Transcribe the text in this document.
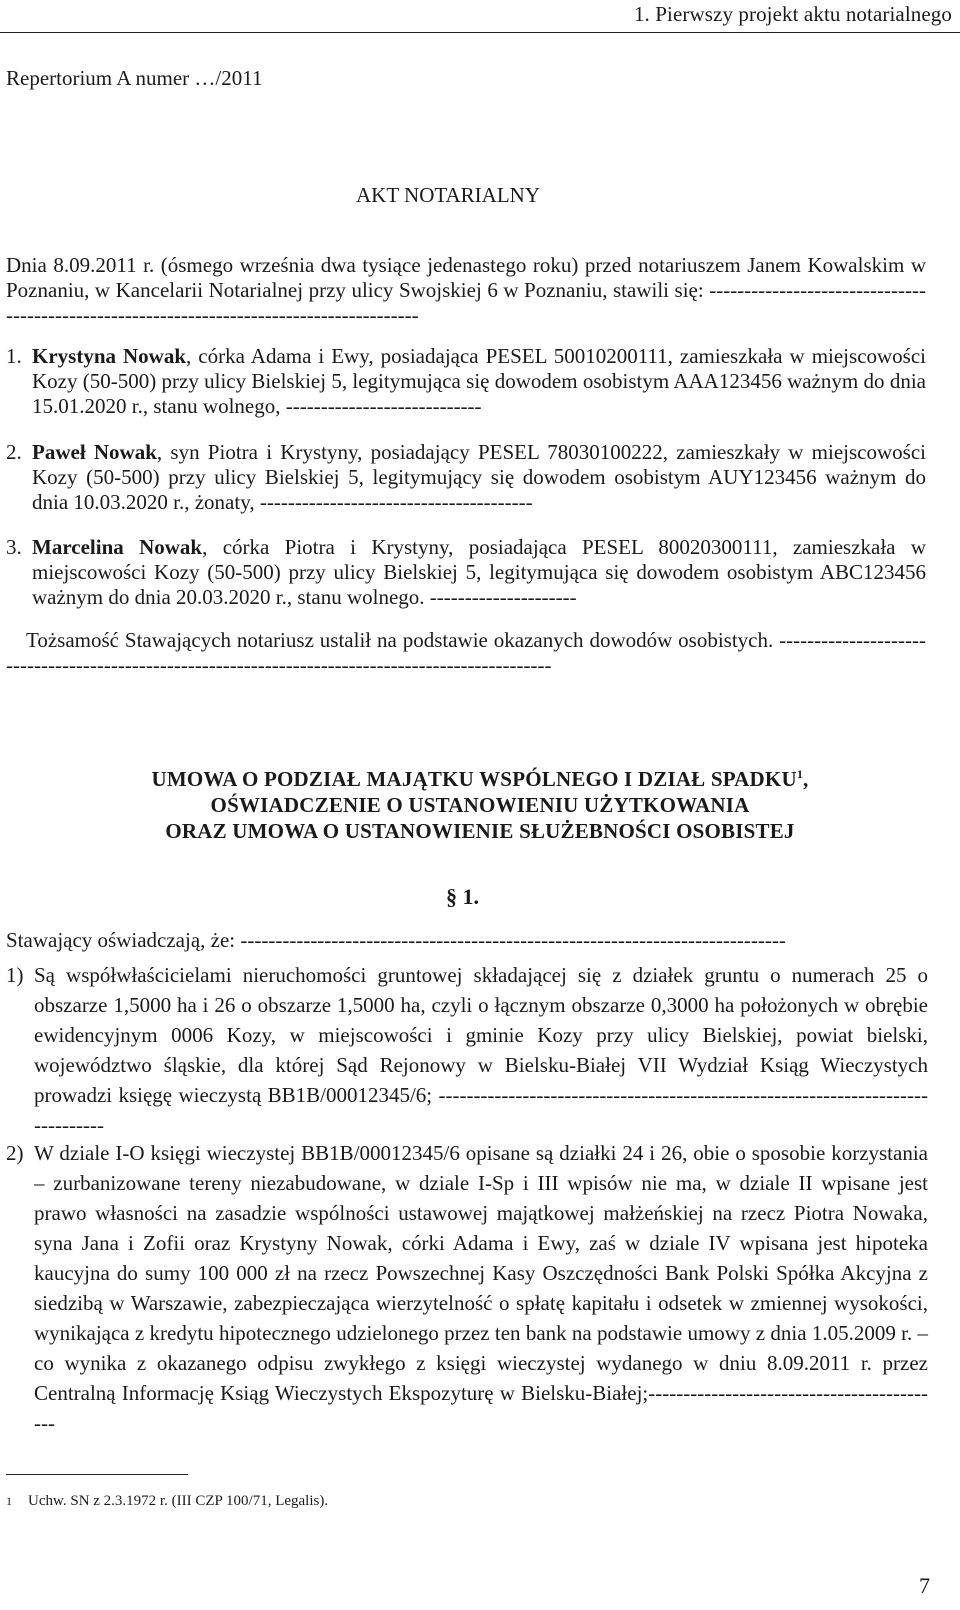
1. Pierwszy projekt aktu notarialnego
Repertorium A numer …/2011
AKT NOTARIALNY
Dnia 8.09.2011 r. (ósmego września dwa tysiące jedenastego roku) przed notariuszem Janem Kowalskim w Poznaniu, w Kancelarii Notarialnej przy ulicy Swojskiej 6 w Poznaniu, stawili się: ------------------------------------------------------------------------------------------
1. Krystyna Nowak, córka Adama i Ewy, posiadająca PESEL 50010200111, zamieszkała w miejscowości Kozy (50-500) przy ulicy Bielskiej 5, legitymująca się dowodem osobistym AAA123456 ważnym do dnia 15.01.2020 r., stanu wolnego, ----------------------------
2. Paweł Nowak, syn Piotra i Krystyny, posiadający PESEL 78030100222, zamieszkały w miejscowości Kozy (50-500) przy ulicy Bielskiej 5, legitymujący się dowodem osobistym AUY123456 ważnym do dnia 10.03.2020 r., żonaty, ---------------------------------------
3. Marcelina Nowak, córka Piotra i Krystyny, posiadająca PESEL 80020300111, zamieszkała w miejscowości Kozy (50-500) przy ulicy Bielskiej 5, legitymująca się dowodem osobistym ABC123456 ważnym do dnia 20.03.2020 r., stanu wolnego. ---------------------
Tożsamość Stawających notariusz ustalił na podstawie okazanych dowodów osobistych. ---------------------------------------------------------------------------------------------------
UMOWA O PODZIAŁ MAJĄTKU WSPÓLNEGO I DZIAŁ SPADKU$^1$,
OŚWIADCZENIE O USTANOWIENIU UŻYTKOWANIA
ORAZ UMOWA O USTANOWIENIE SŁUŻEBNOŚCI OSOBISTEJ
§ 1.
Stawający oświadczają, że: ------------------------------------------------------------------------------
1) Są współwłaścicielami nieruchomości gruntowej składającej się z działek gruntu o numerach 25 o obszarze 1,5000 ha i 26 o obszarze 1,5000 ha, czyli o łącznym obszarze 0,3000 ha położonych w obrębie ewidencyjnym 0006 Kozy, w miejscowości i gminie Kozy przy ulicy Bielskiej, powiat bielski, województwo śląskie, dla której Sąd Rejonowy w Bielsku-Białej VII Wydział Ksiąg Wieczystych prowadzi księgę wieczystą BB1B/00012345/6; --------------------------------------------------------------------------------
2) W dziale I-O księgi wieczystej BB1B/00012345/6 opisane są działki 24 i 26, obie o sposobie korzystania – zurbanizowane tereny niezabudowane, w dziale I-Sp i III wpisów nie ma, w dziale II wpisane jest prawo własności na zasadzie wspólności ustawowej majątkowej małżeńskiej na rzecz Piotra Nowaka, syna Jana i Zofii oraz Krystyny Nowak, córki Adama i Ewy, zaś w dziale IV wpisana jest hipoteka kaucyjna do sumy 100 000 zł na rzecz Powszechnej Kasy Oszczędności Bank Polski Spółka Akcyjna z siedzibą w Warszawie, zabezpieczająca wierzytelność o spłatę kapitału i odsetek w zmiennej wysokości, wynikająca z kredytu hipotecznego udzielonego przez ten bank na podstawie umowy z dnia 1.05.2009 r. – co wynika z okazanego odpisu zwykłego z księgi wieczystej wydanego w dniu 8.09.2011 r. przez Centralną Informację Ksiąg Wieczystych Ekspozyturę w Bielsku-Białej;-------------------------------------------
1 Uchw. SN z 2.3.1972 r. (III CZP 100/71, Legalis).
7
